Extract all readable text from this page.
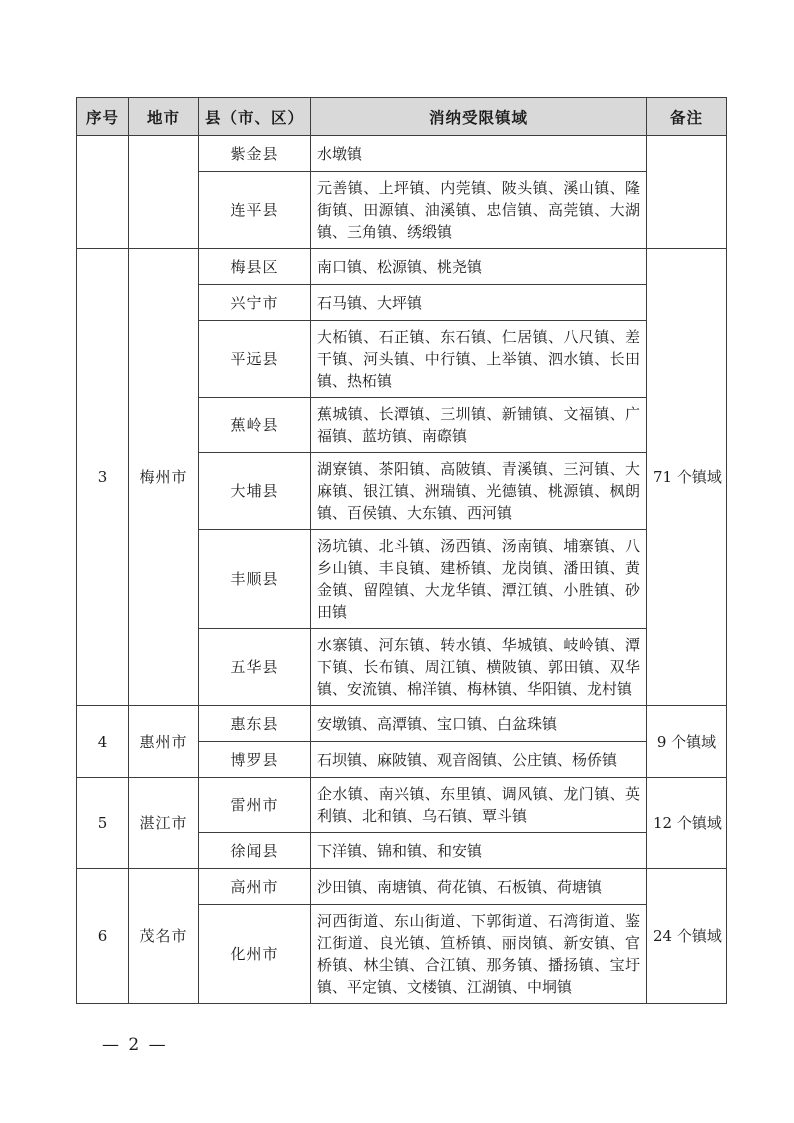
序号	地市	县（市、区）	消纳受限镇域	备注
		紫金县	水墩镇	
		连平县	元善镇、上坪镇、内莞镇、陂头镇、溪山镇、隆街镇、田源镇、油溪镇、忠信镇、高莞镇、大湖镇、三角镇、绣缎镇	
3	梅州市	梅县区	南口镇、松源镇、桃尧镇	71 个镇域
		兴宁市	石马镇、大坪镇	
		平远县	大柘镇、石正镇、东石镇、仁居镇、八尺镇、差干镇、河头镇、中行镇、上举镇、泗水镇、长田镇、热柘镇	
		蕉岭县	蕉城镇、长潭镇、三圳镇、新铺镇、文福镇、广福镇、蓝坊镇、南磜镇	
		大埔县	湖寮镇、茶阳镇、高陂镇、青溪镇、三河镇、大麻镇、银江镇、洲瑞镇、光德镇、桃源镇、枫朗镇、百侯镇、大东镇、西河镇	
		丰顺县	汤坑镇、北斗镇、汤西镇、汤南镇、埔寨镇、八乡山镇、丰良镇、建桥镇、龙岗镇、潘田镇、黄金镇、留隍镇、大龙华镇、潭江镇、小胜镇、砂田镇	
		五华县	水寨镇、河东镇、转水镇、华城镇、岐岭镇、潭下镇、长布镇、周江镇、横陂镇、郭田镇、双华镇、安流镇、棉洋镇、梅林镇、华阳镇、龙村镇	
4	惠州市	惠东县	安墩镇、高潭镇、宝口镇、白盆珠镇	9 个镇域
		博罗县	石坝镇、麻陂镇、观音阁镇、公庄镇、杨侨镇	
5	湛江市	雷州市	企水镇、南兴镇、东里镇、调风镇、龙门镇、英利镇、北和镇、乌石镇、覃斗镇	12 个镇域
		徐闻县	下洋镇、锦和镇、和安镇	
6	茂名市	高州市	沙田镇、南塘镇、荷花镇、石板镇、荷塘镇	24 个镇域
		化州市	河西街道、东山街道、下郭街道、石湾街道、鉴江街道、良光镇、笪桥镇、丽岗镇、新安镇、官桥镇、林尘镇、合江镇、那务镇、播扬镇、宝圩镇、平定镇、文楼镇、江湖镇、中垌镇	
— 2 —
